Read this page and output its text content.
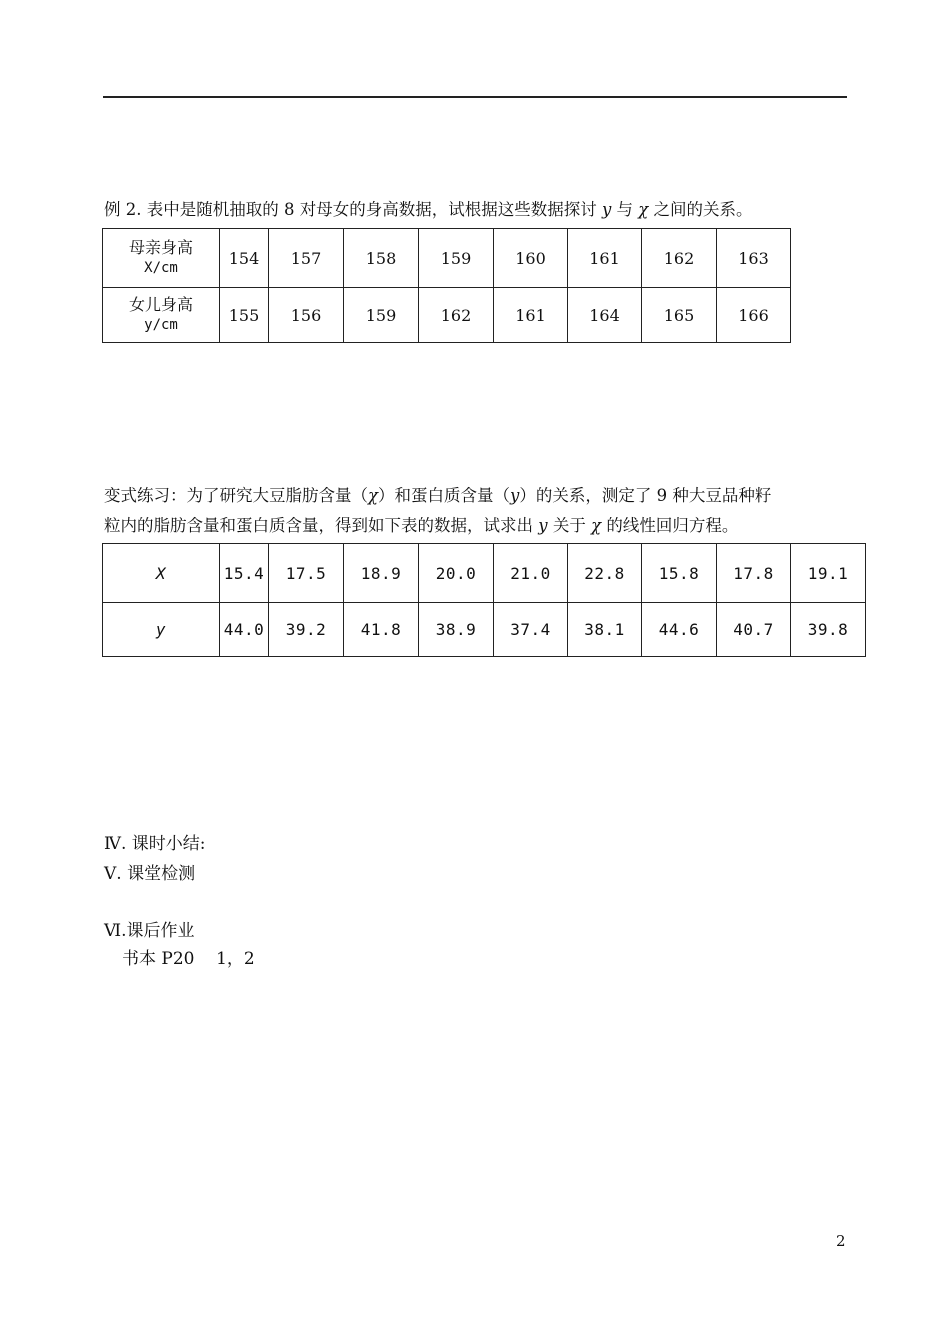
例 2. 表中是随机抽取的 8 对母女的身高数据，试根据这些数据探讨 y 与 χ 之间的关系。
母亲身高
Χ/cm	154	157	158	159	160	161	162	163
女儿身高
y/cm	155	156	159	162	161	164	165	166
变式练习：为了研究大豆脂肪含量（χ）和蛋白质含量（y）的关系，测定了 9 种大豆品种籽
粒内的脂肪含量和蛋白质含量，得到如下表的数据，试求出 y 关于 χ 的线性回归方程。
Χ	15.4	17.5	18.9	20.0	21.0	22.8	15.8	17.8	19.1
y	44.0	39.2	41.8	38.9	37.4	38.1	44.6	40.7	39.8
Ⅳ. 课时小结:
Ⅴ. 课堂检测
Ⅵ.课后作业
书本 P20    1，2
2
